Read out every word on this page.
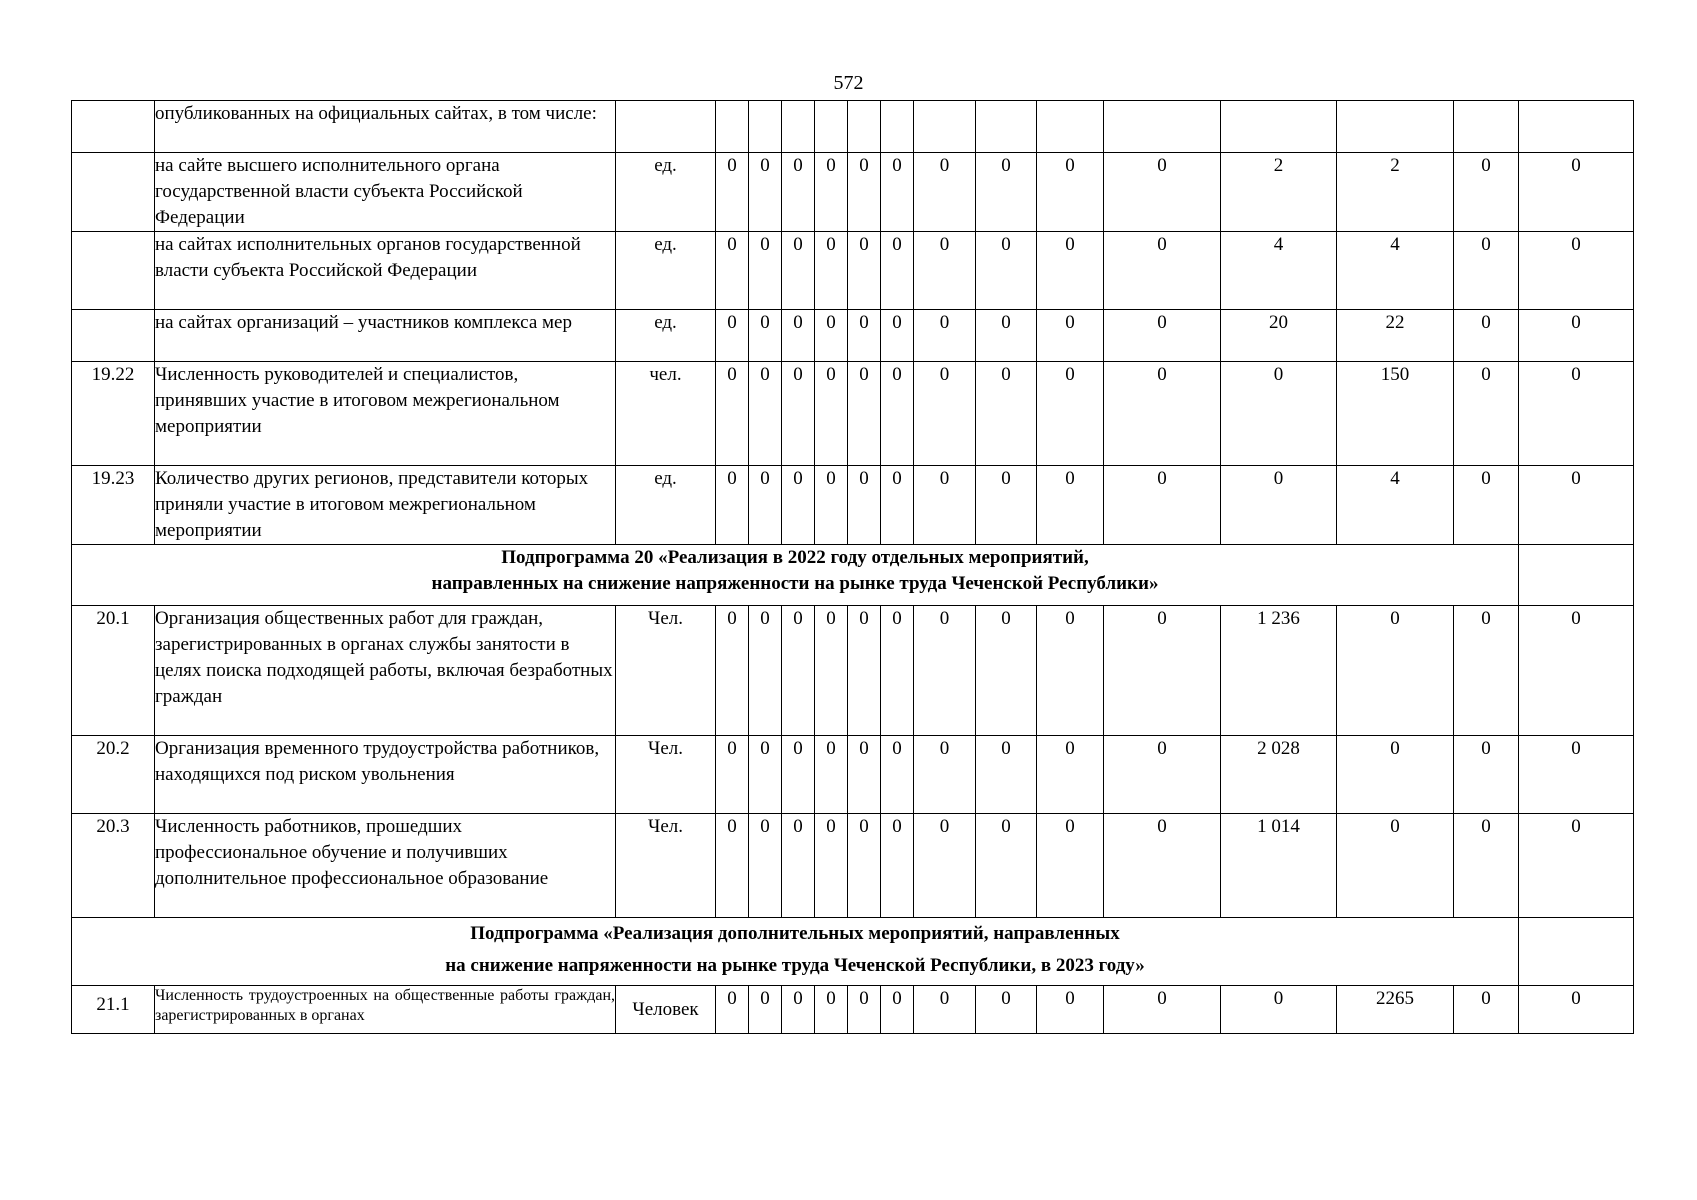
572
	опубликованных на официальных сайтах, в том числе:															
	на сайте высшего исполнительного органа государственной власти субъекта Российской Федерации	ед.	0	0	0	0	0	0	0	0	0	0	2	2	0	0
	на сайтах исполнительных органов государственной власти субъекта Российской Федерации	ед.	0	0	0	0	0	0	0	0	0	0	4	4	0	0
	на сайтах организаций – участников комплекса мер	ед.	0	0	0	0	0	0	0	0	0	0	20	22	0	0
19.22	Численность руководителей и специалистов, принявших участие в итоговом межрегиональном мероприятии	чел.	0	0	0	0	0	0	0	0	0	0	0	150	0	0
19.23	Количество других регионов, представители которых приняли участие в итоговом межрегиональном мероприятии	ед.	0	0	0	0	0	0	0	0	0	0	0	4	0	0

Подпрограмма 20 «Реализация в 2022 году отдельных мероприятий,
направленных на снижение напряженности на рынке труда Чеченской Республики»																

20.1	Организация общественных работ для граждан, зарегистрированных в органах службы занятости в целях поиска подходящей работы, включая безработных граждан	Чел.	0	0	0	0	0	0	0	0	0	0	1 236	0	0	0
20.2	Организация временного трудоустройства работников, находящихся под риском увольнения	Чел.	0	0	0	0	0	0	0	0	0	0	2 028	0	0	0
20.3	Численность работников, прошедших профессиональное обучение и получивших дополнительное профессиональное образование	Чел.	0	0	0	0	0	0	0	0	0	0	1 014	0	0	0

Подпрограмма «Реализация дополнительных мероприятий, направленных
на снижение напряженности на рынке труда Чеченской Республики, в 2023 году»																

21.1	Численность трудоустроенных на общественные работы граждан, зарегистрированных в органах	Человек	0	0	0	0	0	0	0	0	0	0	0	2265	0	0
